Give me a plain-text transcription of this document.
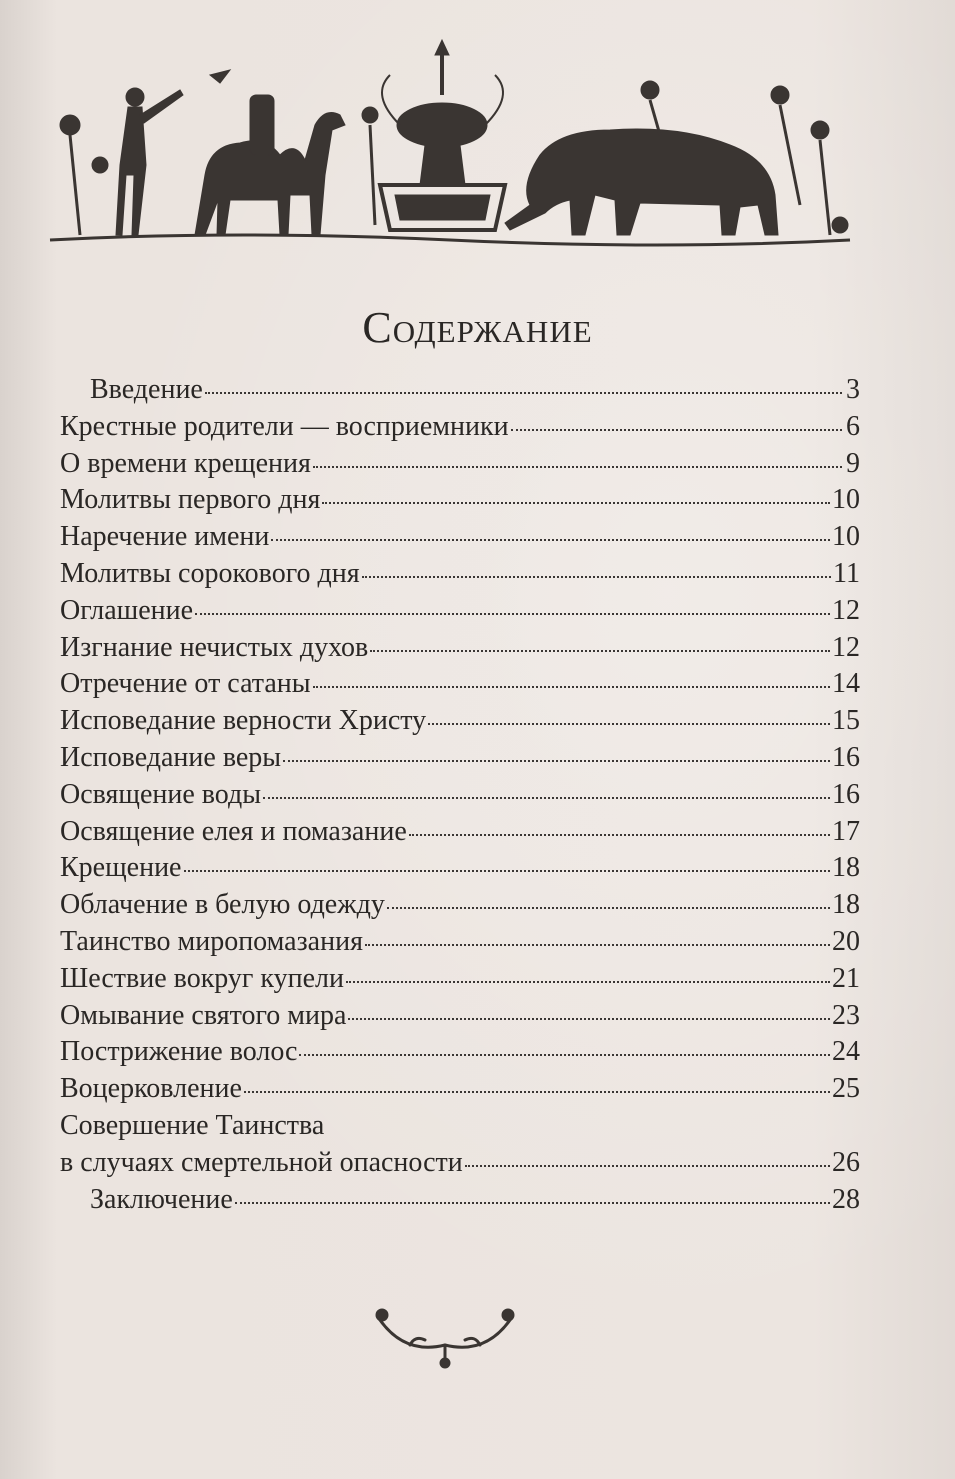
Содержание
Введение	3
Крестные родители — восприемники	6
О времени крещения	9
Молитвы первого дня	10
Наречение имени	10
Молитвы сорокового дня	11
Оглашение	12
Изгнание нечистых духов	12
Отречение от сатаны	14
Исповедание верности Христу	15
Исповедание веры	16
Освящение воды	16
Освящение елея и помазание	17
Крещение	18
Облачение в белую одежду	18
Таинство миропомазания	20
Шествие вокруг купели	21
Омывание святого мира	23
Пострижение волос	24
Воцерковление	25
Совершение Таинства
в случаях смертельной опасности	26
Заключение	28
